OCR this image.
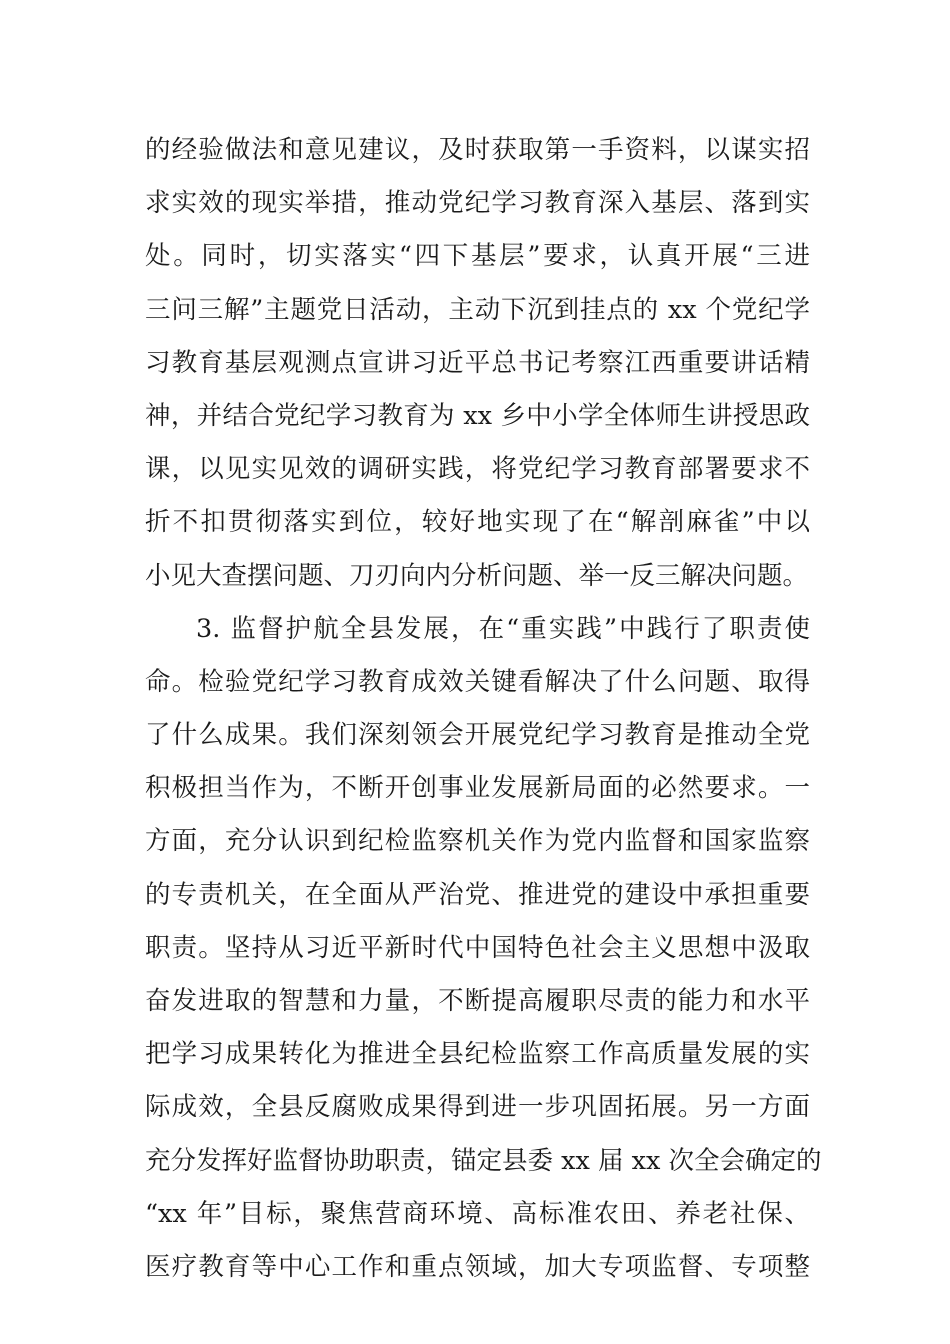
的经验做法和意见建议，及时获取第一手资料，以谋实招
求实效的现实举措，推动党纪学习教育深入基层、落到实
处。同时，切实落实“四下基层”要求，认真开展“三进
三问三解”主题党日活动，主动下沉到挂点的 xx 个党纪学
习教育基层观测点宣讲习近平总书记考察江西重要讲话精
神，并结合党纪学习教育为 xx 乡中小学全体师生讲授思政
课，以见实见效的调研实践，将党纪学习教育部署要求不
折不扣贯彻落实到位，较好地实现了在“解剖麻雀”中以
小见大查摆问题、刀刃向内分析问题、举一反三解决问题。
3. 监督护航全县发展，在“重实践”中践行了职责使
命。检验党纪学习教育成效关键看解决了什么问题、取得
了什么成果。我们深刻领会开展党纪学习教育是推动全党
积极担当作为，不断开创事业发展新局面的必然要求。一
方面，充分认识到纪检监察机关作为党内监督和国家监察
的专责机关，在全面从严治党、推进党的建设中承担重要
职责。坚持从习近平新时代中国特色社会主义思想中汲取
奋发进取的智慧和力量，不断提高履职尽责的能力和水平
把学习成果转化为推进全县纪检监察工作高质量发展的实
际成效，全县反腐败成果得到进一步巩固拓展。另一方面
充分发挥好监督协助职责，锚定县委 xx 届 xx 次全会确定的
“xx 年”目标，聚焦营商环境、高标准农田、养老社保、
医疗教育等中心工作和重点领域，加大专项监督、专项整
